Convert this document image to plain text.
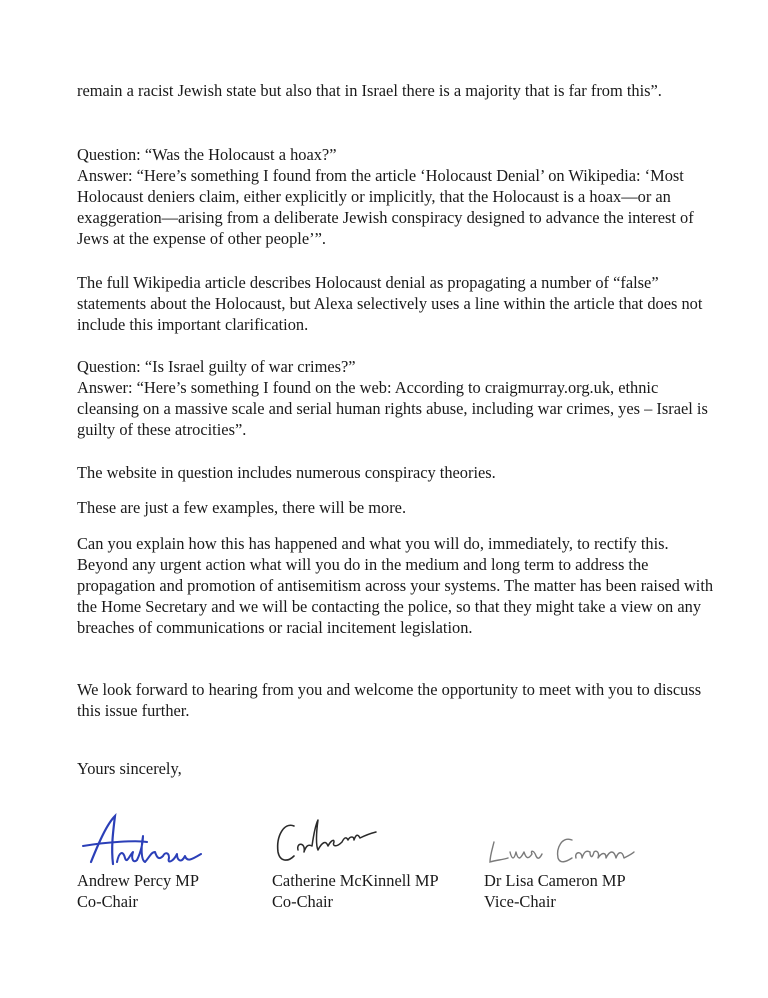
remain a racist Jewish state but also that in Israel there is a majority that is far from this”.

Question: “Was the Holocaust a hoax?”

Answer: “Here’s something I found from the article ‘Holocaust Denial’ on Wikipedia: ‘Most Holocaust deniers claim, either explicitly or implicitly, that the Holocaust is a hoax—or an exaggeration—arising from a deliberate Jewish conspiracy designed to advance the interest of Jews at the expense of other people’”.

The full Wikipedia article describes Holocaust denial as propagating a number of “false” statements about the Holocaust, but Alexa selectively uses a line within the article that does not include this important clarification.

Question: “Is Israel guilty of war crimes?”

Answer: “Here’s something I found on the web: According to craigmurray.org.uk, ethnic cleansing on a massive scale and serial human rights abuse, including war crimes, yes – Israel is guilty of these atrocities”.

The website in question includes numerous conspiracy theories.

These are just a few examples, there will be more.

Can you explain how this has happened and what you will do, immediately, to rectify this. Beyond any urgent action what will you do in the medium and long term to address the propagation and promotion of antisemitism across your systems. The matter has been raised with the Home Secretary and we will be contacting the police, so that they might take a view on any breaches of communications or racial incitement legislation.

We look forward to hearing from you and welcome the opportunity to meet with you to discuss this issue further.

Yours sincerely,

Andrew Percy MP
Co-Chair
Catherine McKinnell MP
Co-Chair
Dr Lisa Cameron MP
Vice-Chair
